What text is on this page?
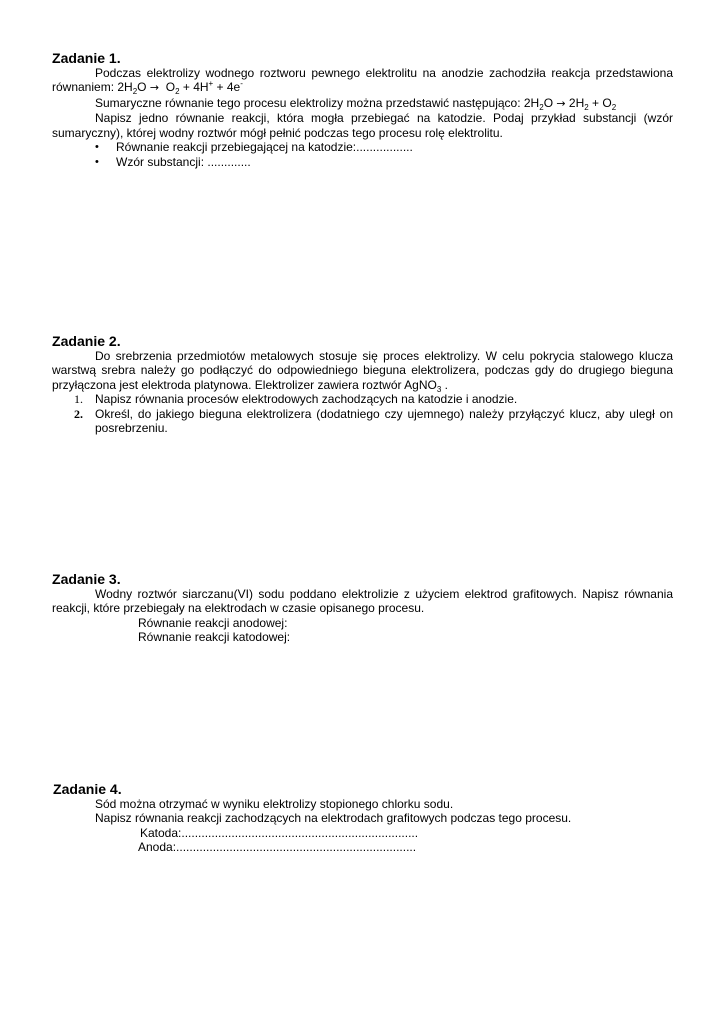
Zadanie 1.

Podczas elektrolizy wodnego roztworu pewnego elektrolitu na anodzie zachodziła reakcja przedstawiona równaniem: $2H_2O \to O_2 + 4H^+ + 4e^-$

Sumaryczne równanie tego procesu elektrolizy można przedstawić następująco: $2H_2O \to 2H_2 + O_2$

Napisz jedno równanie reakcji, która mogła przebiegać na katodzie. Podaj przykład substancji (wzór sumaryczny), której wodny roztwór mógł pełnić podczas tego procesu rolę elektrolitu.

• Równanie reakcji przebiegającej na katodzie:.................
• Wzór substancji: .............
Zadanie 2.

Do srebrzenia przedmiotów metalowych stosuje się proces elektrolizy. W celu pokrycia stalowego klucza warstwą srebra należy go podłączyć do odpowiedniego bieguna elektrolizera, podczas gdy do drugiego bieguna przyłączona jest elektroda platynowa. Elektrolizer zawiera roztwór AgNO$_3$ .

1. Napisz równania procesów elektrodowych zachodzących na katodzie i anodzie.
2. Określ, do jakiego bieguna elektrolizera (dodatniego czy ujemnego) należy przyłączyć klucz, aby uległ on posrebrzeniu.
Zadanie 3.

Wodny roztwór siarczanu(VI) sodu poddano elektrolizie z użyciem elektrod grafitowych. Napisz równania reakcji, które przebiegały na elektrodach w czasie opisanego procesu.

Równanie reakcji anodowej:

Równanie reakcji katodowej:

Zadanie 4.

Sód można otrzymać w wyniku elektrolizy stopionego chlorku sodu.

Napisz równania reakcji zachodzących na elektrodach grafitowych podczas tego procesu.

Katoda:.......................................................................

Anoda:........................................................................
